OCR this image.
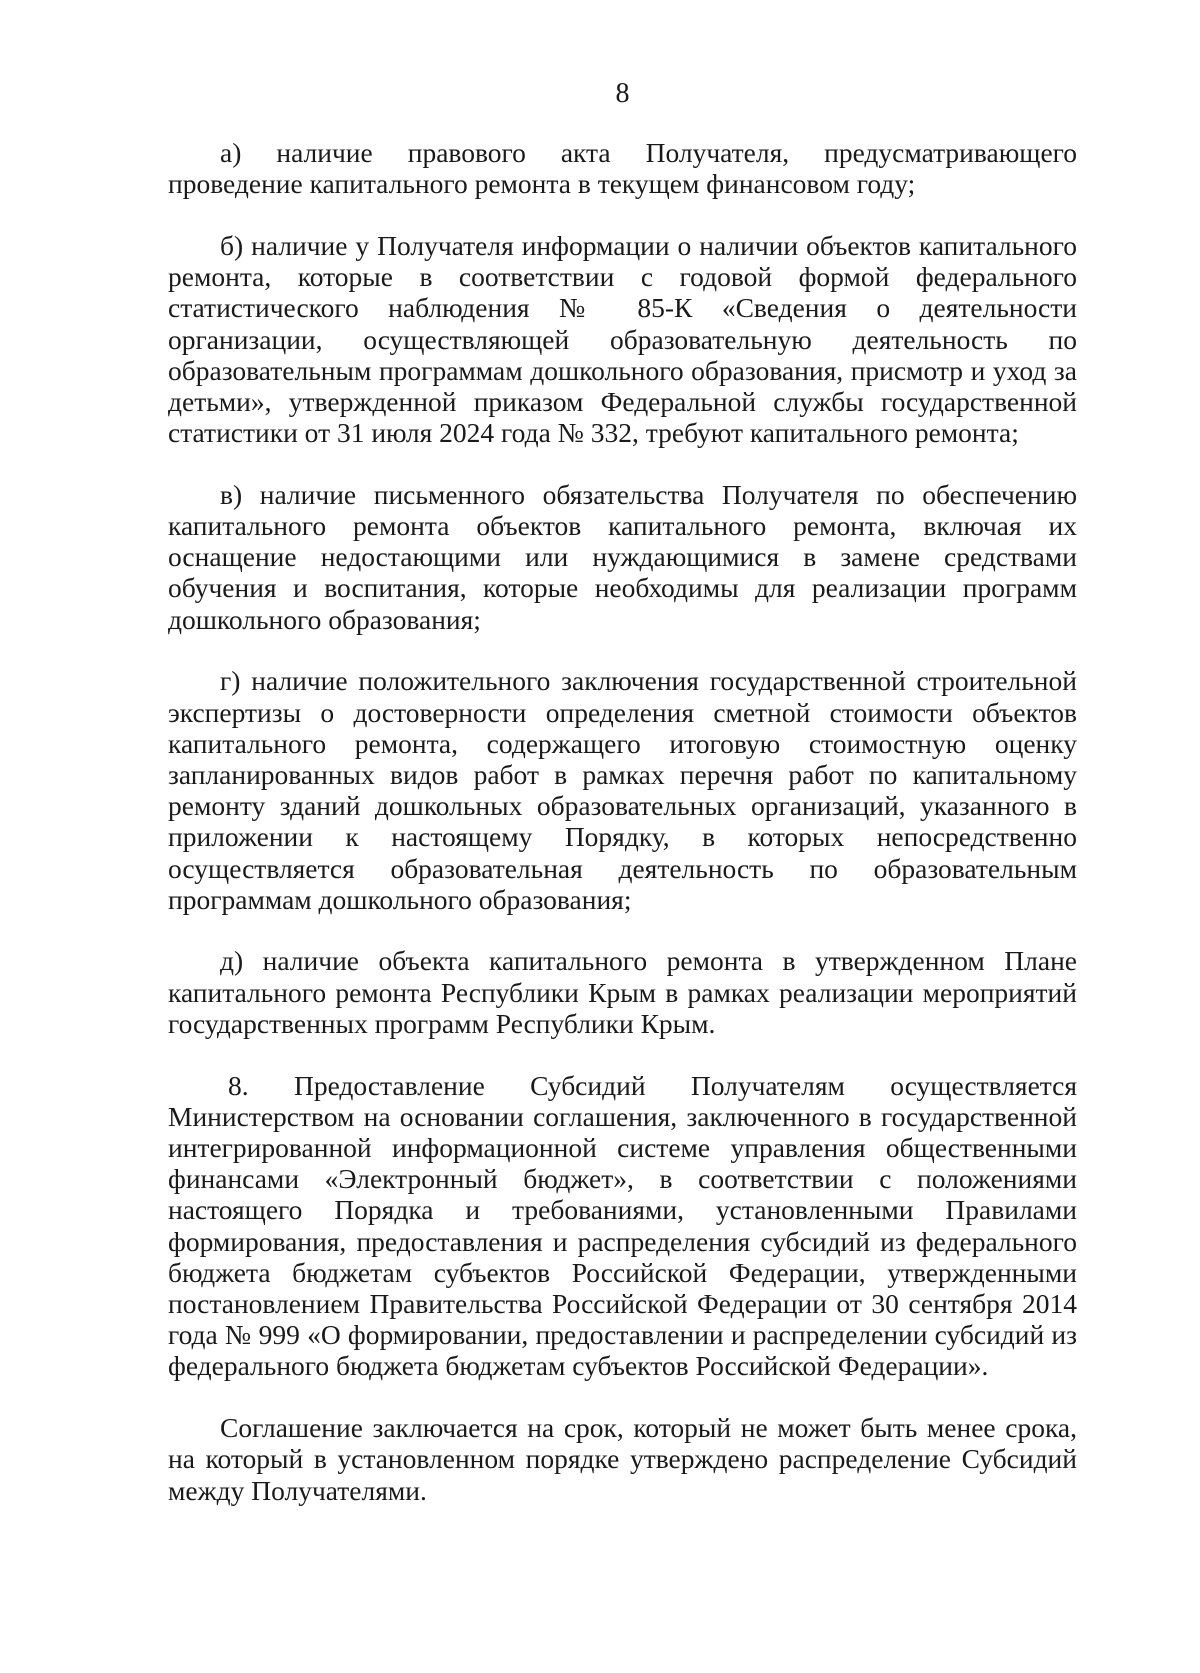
8

а) наличие правового акта Получателя, предусматривающего проведение капитального ремонта в текущем финансовом году;

б) наличие у Получателя информации о наличии объектов капитального ремонта, которые в соответствии с годовой формой федерального статистического наблюдения № 85-К «Сведения о деятельности организации, осуществляющей образовательную деятельность по образовательным программам дошкольного образования, присмотр и уход за детьми», утвержденной приказом Федеральной службы государственной статистики от 31 июля 2024 года № 332, требуют капитального ремонта;

в) наличие письменного обязательства Получателя по обеспечению капитального ремонта объектов капитального ремонта, включая их оснащение недостающими или нуждающимися в замене средствами обучения и воспитания, которые необходимы для реализации программ дошкольного образования;

г) наличие положительного заключения государственной строительной экспертизы о достоверности определения сметной стоимости объектов капитального ремонта, содержащего итоговую стоимостную оценку запланированных видов работ в рамках перечня работ по капитальному ремонту зданий дошкольных образовательных организаций, указанного в приложении к настоящему Порядку, в которых непосредственно осуществляется образовательная деятельность по образовательным программам дошкольного образования;

д) наличие объекта капитального ремонта в утвержденном Плане капитального ремонта Республики Крым в рамках реализации мероприятий государственных программ Республики Крым.

8. Предоставление Субсидий Получателям осуществляется Министерством на основании соглашения, заключенного в государственной интегрированной информационной системе управления общественными финансами «Электронный бюджет», в соответствии с положениями настоящего Порядка и требованиями, установленными Правилами формирования, предоставления и распределения субсидий из федерального бюджета бюджетам субъектов Российской Федерации, утвержденными постановлением Правительства Российской Федерации от 30 сентября 2014 года № 999 «О формировании, предоставлении и распределении субсидий из федерального бюджета бюджетам субъектов Российской Федерации».

Соглашение заключается на срок, который не может быть менее срока, на который в установленном порядке утверждено распределение Субсидий между Получателями.
